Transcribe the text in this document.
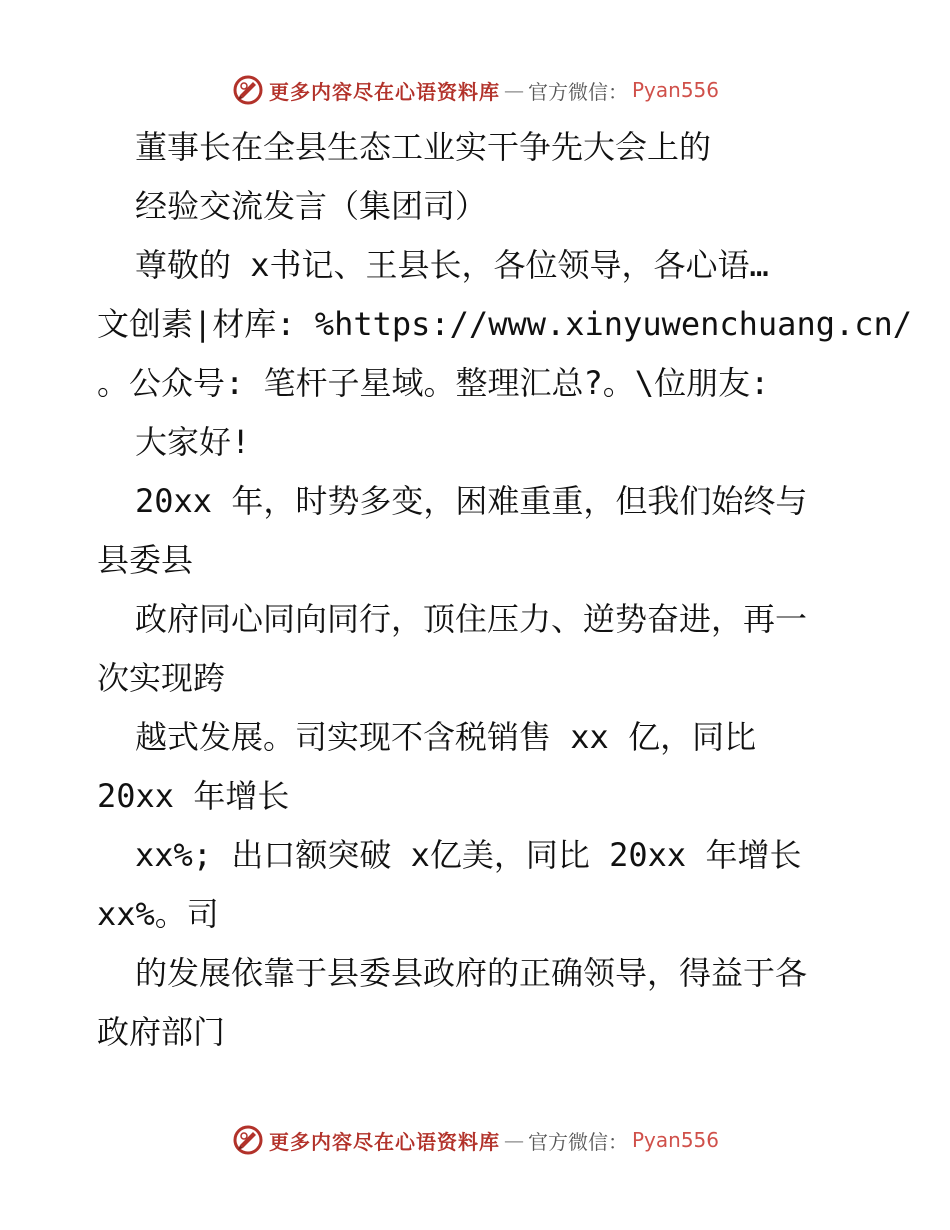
更多内容尽在心语资料库 — 官方微信： Pyan556
董事长在全县生态工业实干争先大会上的
经验交流发言（集团司）
尊敬的 x书记、王县长，各位领导，各心语…
文创素|材库: %https://www.xinyuwenchuang.cn/
。公众号: 笔杆子星域。整理汇总?。\位朋友:
大家好!
20xx 年，时势多变，困难重重，但我们始终与
县委县
政府同心同向同行，顶住压力、逆势奋进，再一
次实现跨
越式发展。司实现不含税销售 xx 亿，同比
20xx 年增长
xx%; 出口额突破 x亿美，同比 20xx 年增长
xx%。司
的发展依靠于县委县政府的正确领导，得益于各
政府部门
更多内容尽在心语资料库 — 官方微信： Pyan556
